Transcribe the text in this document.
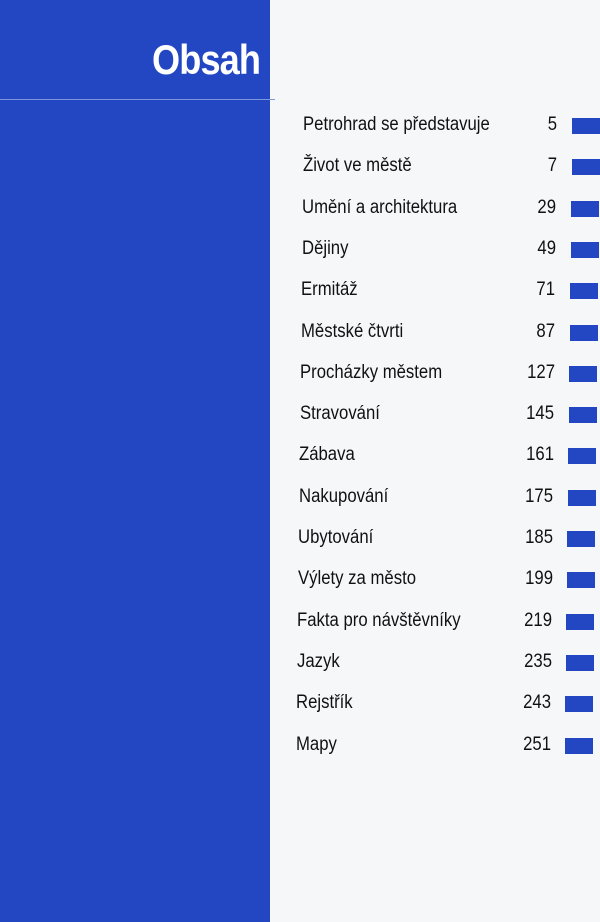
Obsah
Petrohrad se představuje	5
Život ve městě	7
Umění a architektura	29
Dějiny	49
Ermitáž	71
Městské čtvrti	87
Procházky městem	127
Stravování	145
Zábava	161
Nakupování	175
Ubytování	185
Výlety za město	199
Fakta pro návštěvníky	219
Jazyk	235
Rejstřík	243
Mapy	251
